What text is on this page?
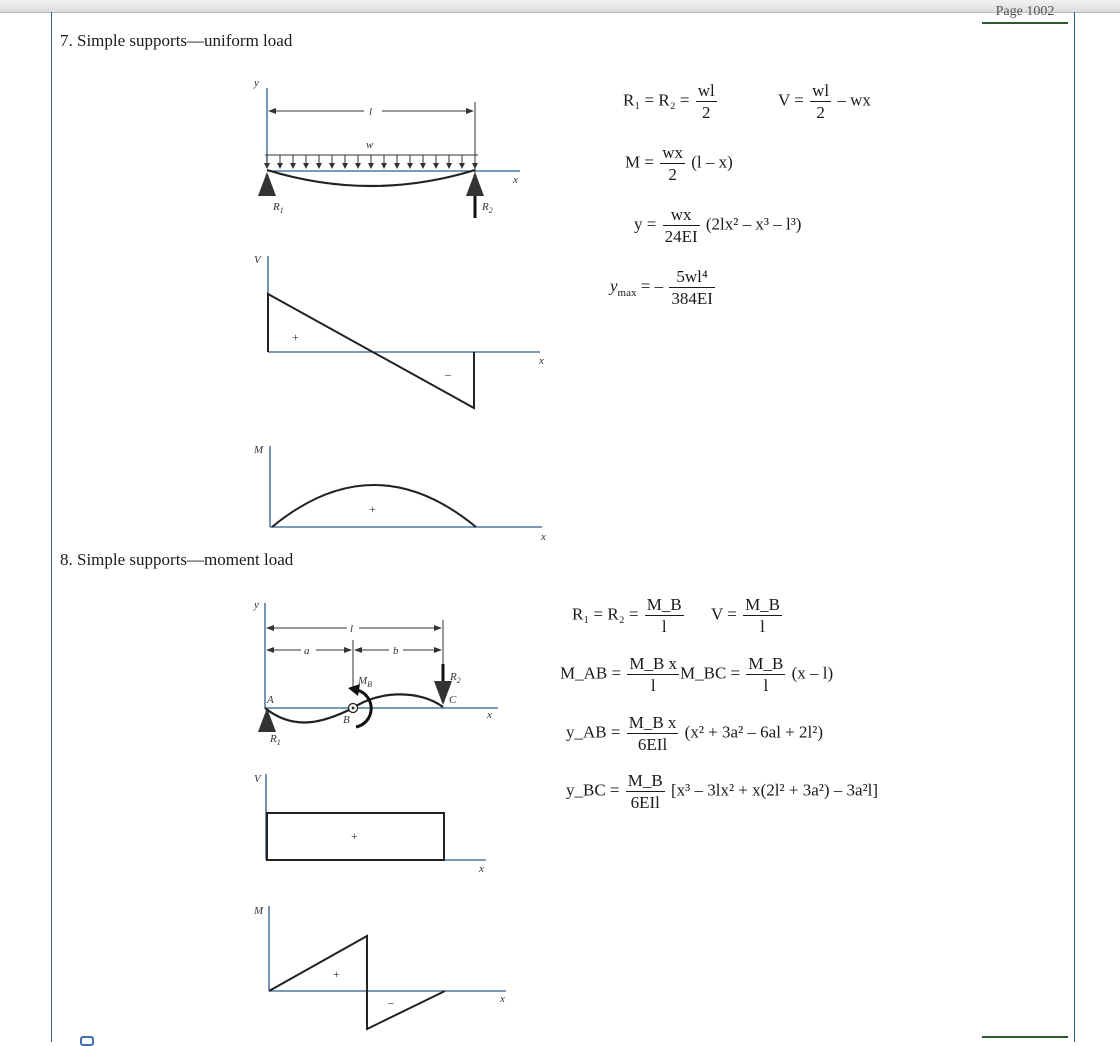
Page 1002
7. Simple supports—uniform load
8. Simple supports—moment load
y
l
w
x
$R_1$	$R_2$
V
x
+
–
M
x
+
y
l
a	b
x
A
B
C
$M_B$
$R_1$
$R_2$
V
x
+
M
x
+
–
$R_1 = R_2 = \frac{wl}{2}$	$V = \frac{wl}{2}$ – wx
$M = \frac{wx}{2} (l - x)$
$y = \frac{wx}{24EI} (2lx^2 - x^3 - l^3)$
$y_{max}$ = – $\frac{\text{5wl⁴}}{384EI}$
$R_1 = R_2 = \frac{M\_B}{l}$ $V = \frac{M\_B}{l}$
M_AB = $\frac{\text{M\_B x}}{l}$ M_BC = $\frac{M\_B}{l} (x - l)$
y_AB = $\frac{\text{M\_B x}}{\text{6EIl}} (x^2 + 3a^2 - 6al + 2l^2)$
y_BC = $\frac{M\_B}{\text{6EIl}} [x^3 - 3lx^2 + x(2l^2 + 3a^2) - 3a^2l]$
